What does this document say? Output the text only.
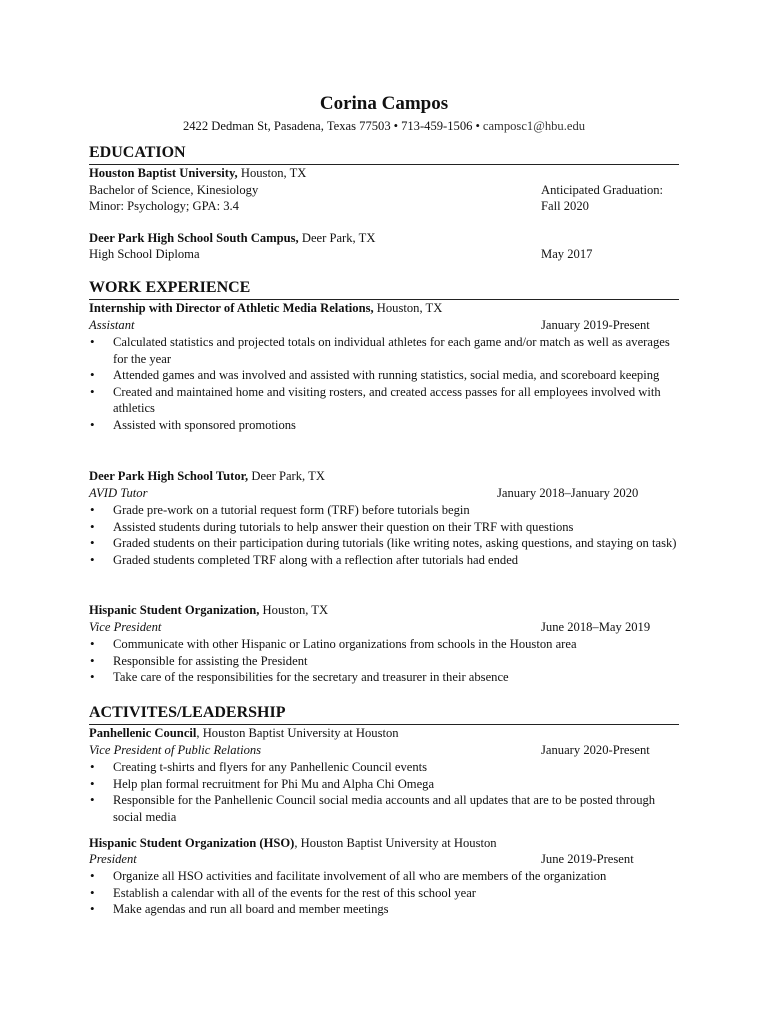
Corina Campos
2422 Dedman St, Pasadena, Texas 77503 • 713-459-1506 • camposc1@hbu.edu
EDUCATION
Houston Baptist University, Houston, TX
Bachelor of Science, Kinesiology	Anticipated Graduation:
Minor: Psychology; GPA: 3.4	Fall 2020
Deer Park High School South Campus, Deer Park, TX
High School Diploma	May 2017
WORK EXPERIENCE
Internship with Director of Athletic Media Relations, Houston, TX
Assistant	January 2019-Present
• Calculated statistics and projected totals on individual athletes for each game and/or match as well as averages for the year
• Attended games and was involved and assisted with running statistics, social media, and scoreboard keeping
• Created and maintained home and visiting rosters, and created access passes for all employees involved with athletics
• Assisted with sponsored promotions
Deer Park High School Tutor, Deer Park, TX
AVID Tutor	January 2018–January 2020
• Grade pre-work on a tutorial request form (TRF) before tutorials begin
• Assisted students during tutorials to help answer their question on their TRF with questions
• Graded students on their participation during tutorials (like writing notes, asking questions, and staying on task)
• Graded students completed TRF along with a reflection after tutorials had ended
Hispanic Student Organization, Houston, TX
Vice President	June 2018–May 2019
• Communicate with other Hispanic or Latino organizations from schools in the Houston area
• Responsible for assisting the President
• Take care of the responsibilities for the secretary and treasurer in their absence
ACTIVITES/LEADERSHIP
Panhellenic Council, Houston Baptist University at Houston
Vice President of Public Relations	January 2020-Present
• Creating t-shirts and flyers for any Panhellenic Council events
• Help plan formal recruitment for Phi Mu and Alpha Chi Omega
• Responsible for the Panhellenic Council social media accounts and all updates that are to be posted through social media
Hispanic Student Organization (HSO), Houston Baptist University at Houston
President	June 2019-Present
• Organize all HSO activities and facilitate involvement of all who are members of the organization
• Establish a calendar with all of the events for the rest of this school year
• Make agendas and run all board and member meetings
